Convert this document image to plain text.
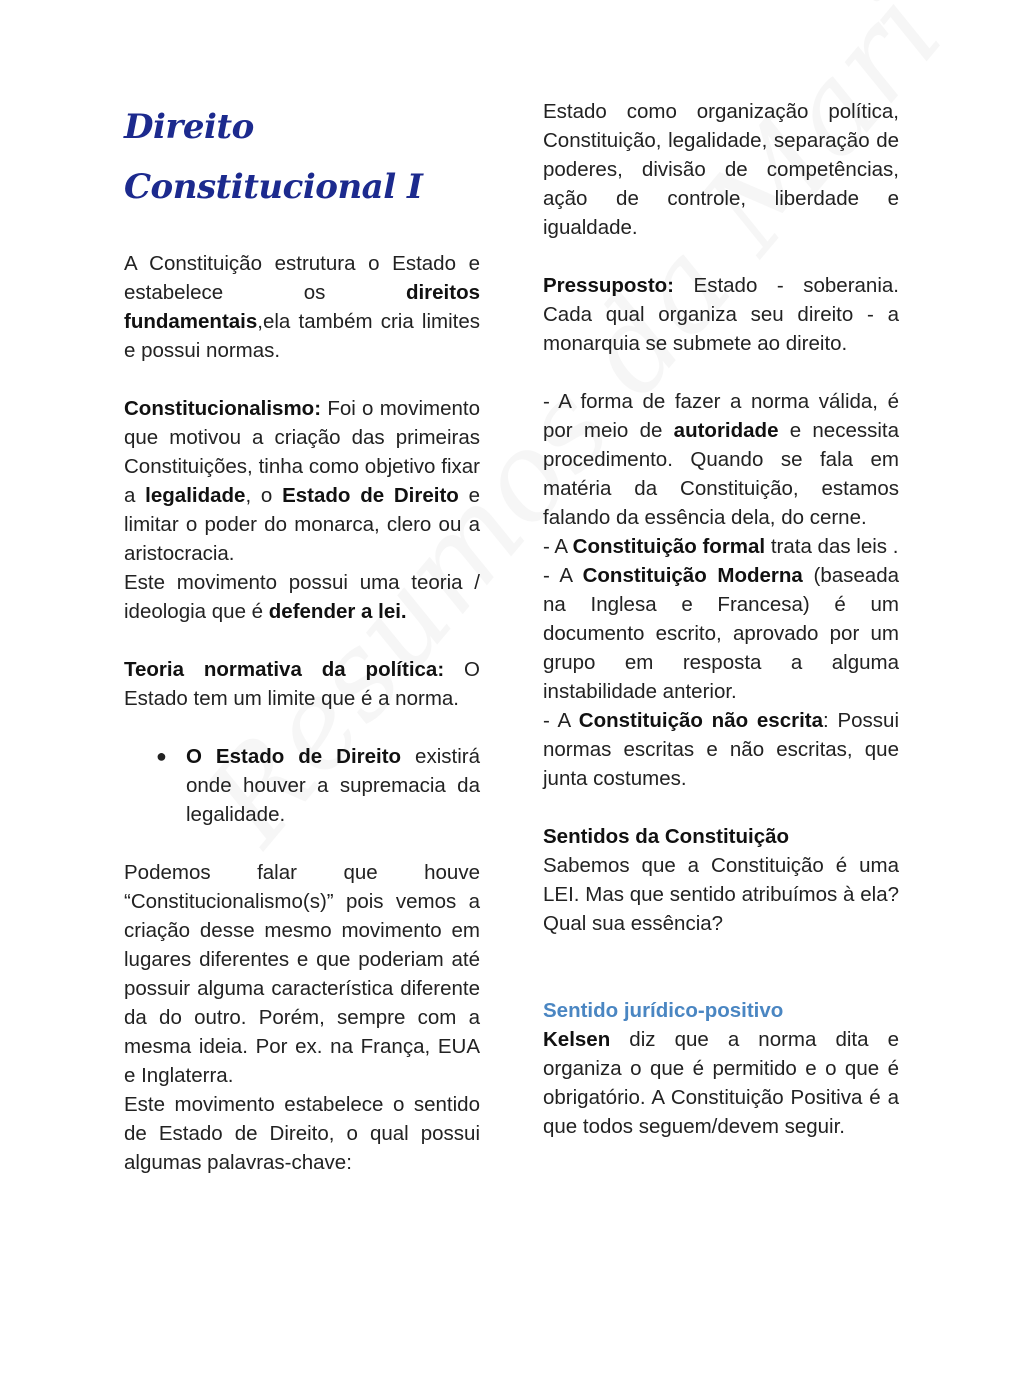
Direito Constitucional I

A Constituição estrutura o Estado e estabelece os direitos fundamentais,ela também cria limites e possui normas.

Constitucionalismo: Foi o movimento que motivou a criação das primeiras Constituições, tinha como objetivo fixar a legalidade, o Estado de Direito e limitar o poder do monarca, clero ou a aristocracia.

Este movimento possui uma teoria / ideologia que é defender a lei.

Teoria normativa da política: O Estado tem um limite que é a norma.

● O Estado de Direito existirá onde houver a supremacia da legalidade.

Podemos falar que houve “Constitucionalismo(s)” pois vemos a criação desse mesmo movimento em lugares diferentes e que poderiam até possuir alguma característica diferente da do outro. Porém, sempre com a mesma ideia. Por ex. na França, EUA e Inglaterra.

Este movimento estabelece o sentido de Estado de Direito, o qual possui algumas palavras-chave:

Estado como organização política, Constituição, legalidade, separação de poderes, divisão de competências, ação de controle, liberdade e igualdade.

Pressuposto: Estado - soberania. Cada qual organiza seu direito - a monarquia se submete ao direito.

- A forma de fazer a norma válida, é por meio de autoridade e necessita procedimento. Quando se fala em matéria da Constituição, estamos falando da essência dela, do cerne.

- A Constituição formal trata das leis .

- A Constituição Moderna (baseada na Inglesa e Francesa) é um documento escrito, aprovado por um grupo em resposta a alguma instabilidade anterior.

- A Constituição não escrita: Possui normas escritas e não escritas, que junta costumes.

Sentidos da Constituição

Sabemos que a Constituição é uma LEI. Mas que sentido atribuímos à ela? Qual sua essência?

Sentido jurídico-positivo

Kelsen diz que a norma dita e organiza o que é permitido e o que é obrigatório. A Constituição Positiva é a que todos seguem/devem seguir.
